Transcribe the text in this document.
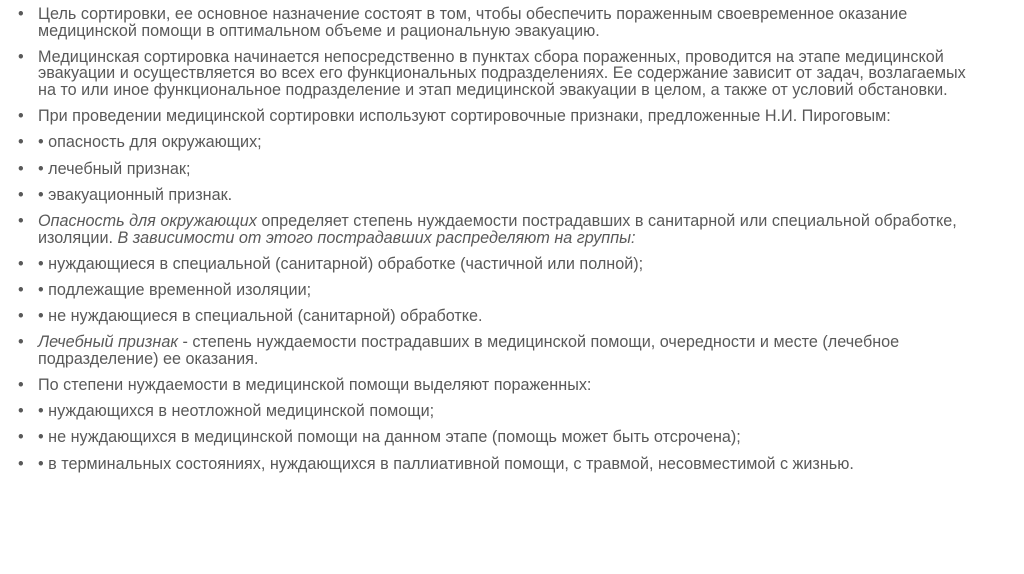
• Цель сортировки, ее основное назначение состоят в том, чтобы обеспечить пораженным своевременное оказание медицинской помощи в оптимальном объеме и рациональную эвакуацию.
• Медицинская сортировка начинается непосредственно в пунктах сбора пораженных, проводится на этапе медицинской эвакуации и осуществляется во всех его функциональных подразделениях. Ее содержание зависит от задач, возлагаемых на то или иное функциональное подразделение и этап медицинской эвакуации в целом, а также от условий обстановки.
• При проведении медицинской сортировки используют сортировочные признаки, предложенные Н.И. Пироговым:
• • опасность для окружающих;
• • лечебный признак;
• • эвакуационный признак.
• Опасность для окружающих определяет степень нуждаемости пострадавших в санитарной или специальной обработке, изоляции. В зависимости от этого пострадавших распределяют на группы:
• • нуждающиеся в специальной (санитарной) обработке (частичной или полной);
• • подлежащие временной изоляции;
• • не нуждающиеся в специальной (санитарной) обработке.
• Лечебный признак - степень нуждаемости пострадавших в медицинской помощи, очередности и месте (лечебное подразделение) ее оказания.
• По степени нуждаемости в медицинской помощи выделяют пораженных:
• • нуждающихся в неотложной медицинской помощи;
• • не нуждающихся в медицинской помощи на данном этапе (помощь может быть отсрочена);
• • в терминальных состояниях, нуждающихся в паллиативной помощи, с травмой, несовместимой с жизнью.
